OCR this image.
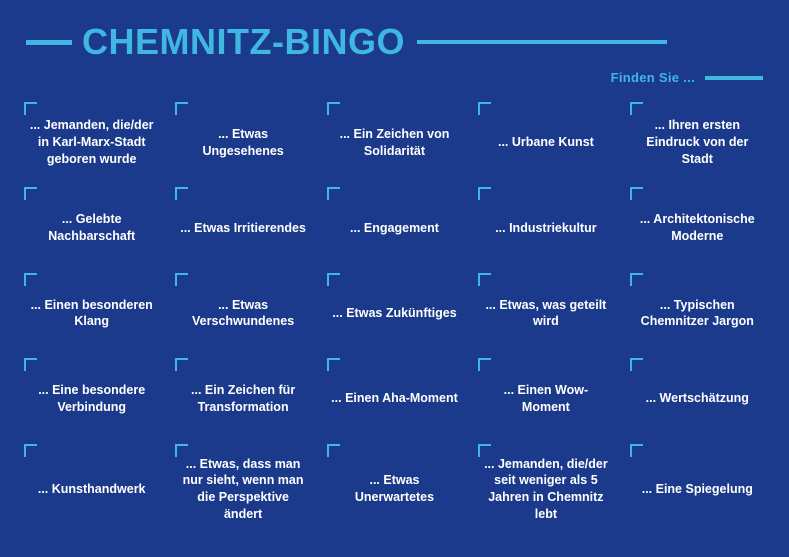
CHEMNITZ-BINGO
Finden Sie ...
... Jemanden, die/der in Karl-Marx-Stadt geboren wurde
... Etwas Ungesehenes
... Ein Zeichen von Solidarität
... Urbane Kunst
... Ihren ersten Eindruck von der Stadt
... Gelebte Nachbarschaft
... Etwas Irritierendes	... Engagement	... Industriekultur
... Architektonische Moderne
... Einen besonderen Klang
... Etwas Verschwundenes
... Etwas Zukünftiges
... Etwas, was geteilt wird
... Typischen Chemnitzer Jargon
... Eine besondere Verbindung
... Ein Zeichen für Transformation
... Einen Aha-Moment
... Einen Wow-Moment
... Wertschätzung
... Kunsthandwerk
... Etwas, dass man nur sieht, wenn man die Perspektive ändert
... Etwas Unerwartetes
... Jemanden, die/der seit weniger als 5 Jahren in Chemnitz lebt
... Eine Spiegelung
